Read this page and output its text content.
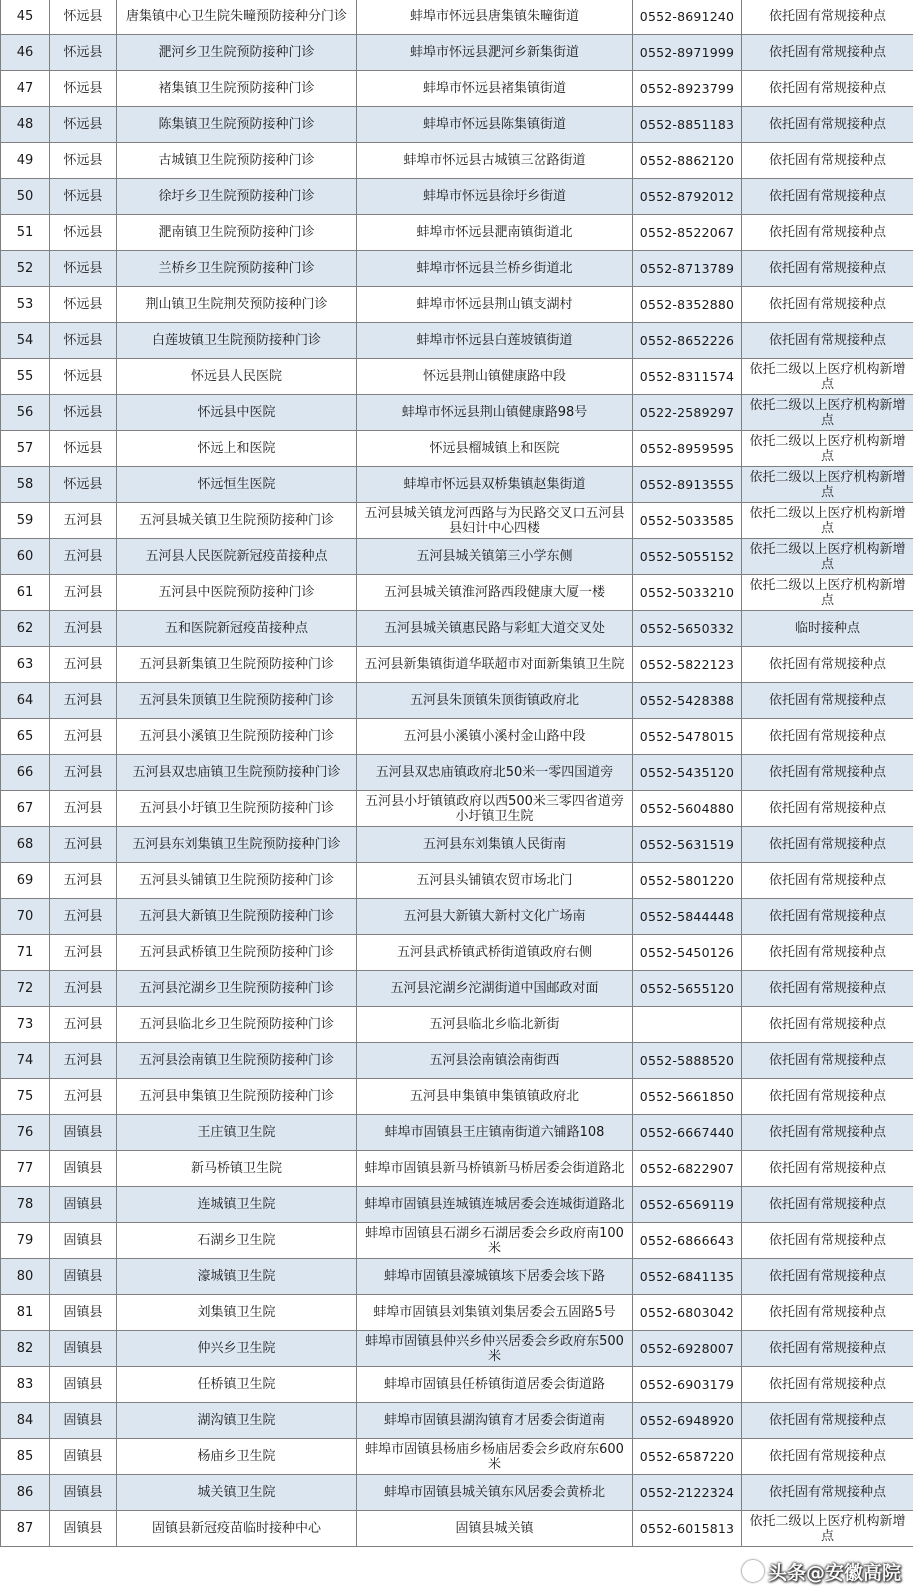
45	怀远县	唐集镇中心卫生院朱疃预防接种分门诊	蚌埠市怀远县唐集镇朱疃街道	0552-8691240	依托固有常规接种点
46	怀远县	淝河乡卫生院预防接种门诊	蚌埠市怀远县淝河乡新集街道	0552-8971999	依托固有常规接种点
47	怀远县	褚集镇卫生院预防接种门诊	蚌埠市怀远县褚集镇街道	0552-8923799	依托固有常规接种点
48	怀远县	陈集镇卫生院预防接种门诊	蚌埠市怀远县陈集镇街道	0552-8851183	依托固有常规接种点
49	怀远县	古城镇卫生院预防接种门诊	蚌埠市怀远县古城镇三岔路街道	0552-8862120	依托固有常规接种点
50	怀远县	徐圩乡卫生院预防接种门诊	蚌埠市怀远县徐圩乡街道	0552-8792012	依托固有常规接种点
51	怀远县	淝南镇卫生院预防接种门诊	蚌埠市怀远县淝南镇街道北	0552-8522067	依托固有常规接种点
52	怀远县	兰桥乡卫生院预防接种门诊	蚌埠市怀远县兰桥乡街道北	0552-8713789	依托固有常规接种点
53	怀远县	荆山镇卫生院荆芡预防接种门诊	蚌埠市怀远县荆山镇支湖村	0552-8352880	依托固有常规接种点
54	怀远县	白莲坡镇卫生院预防接种门诊	蚌埠市怀远县白莲坡镇街道	0552-8652226	依托固有常规接种点
55	怀远县	怀远县人民医院	怀远县荆山镇健康路中段	0552-8311574	依托二级以上医疗机构新增点
56	怀远县	怀远县中医院	蚌埠市怀远县荆山镇健康路98号	0522-2589297	依托二级以上医疗机构新增点
57	怀远县	怀远上和医院	怀远县榴城镇上和医院	0552-8959595	依托二级以上医疗机构新增点
58	怀远县	怀远恒生医院	蚌埠市怀远县双桥集镇赵集街道	0552-8913555	依托二级以上医疗机构新增点
59	五河县	五河县城关镇卫生院预防接种门诊	五河县城关镇龙河西路与为民路交叉口五河县县妇计中心四楼	0552-5033585	依托二级以上医疗机构新增点
60	五河县	五河县人民医院新冠疫苗接种点	五河县城关镇第三小学东侧	0552-5055152	依托二级以上医疗机构新增点
61	五河县	五河县中医院预防接种门诊	五河县城关镇淮河路西段健康大厦一楼	0552-5033210	依托二级以上医疗机构新增点
62	五河县	五和医院新冠疫苗接种点	五河县城关镇惠民路与彩虹大道交叉处	0552-5650332	临时接种点
63	五河县	五河县新集镇卫生院预防接种门诊	五河县新集镇街道华联超市对面新集镇卫生院	0552-5822123	依托固有常规接种点
64	五河县	五河县朱顶镇卫生院预防接种门诊	五河县朱顶镇朱顶街镇政府北	0552-5428388	依托固有常规接种点
65	五河县	五河县小溪镇卫生院预防接种门诊	五河县小溪镇小溪村金山路中段	0552-5478015	依托固有常规接种点
66	五河县	五河县双忠庙镇卫生院预防接种门诊	五河县双忠庙镇政府北50米一零四国道旁	0552-5435120	依托固有常规接种点
67	五河县	五河县小圩镇卫生院预防接种门诊	五河县小圩镇镇政府以西500米三零四省道旁小圩镇卫生院	0552-5604880	依托固有常规接种点
68	五河县	五河县东刘集镇卫生院预防接种门诊	五河县东刘集镇人民街南	0552-5631519	依托固有常规接种点
69	五河县	五河县头铺镇卫生院预防接种门诊	五河县头铺镇农贸市场北门	0552-5801220	依托固有常规接种点
70	五河县	五河县大新镇卫生院预防接种门诊	五河县大新镇大新村文化广场南	0552-5844448	依托固有常规接种点
71	五河县	五河县武桥镇卫生院预防接种门诊	五河县武桥镇武桥街道镇政府右侧	0552-5450126	依托固有常规接种点
72	五河县	五河县沱湖乡卫生院预防接种门诊	五河县沱湖乡沱湖街道中国邮政对面	0552-5655120	依托固有常规接种点
73	五河县	五河县临北乡卫生院预防接种门诊	五河县临北乡临北新街		依托固有常规接种点
74	五河县	五河县浍南镇卫生院预防接种门诊	五河县浍南镇浍南街西	0552-5888520	依托固有常规接种点
75	五河县	五河县申集镇卫生院预防接种门诊	五河县申集镇申集镇镇政府北	0552-5661850	依托固有常规接种点
76	固镇县	王庄镇卫生院	蚌埠市固镇县王庄镇南街道六铺路108	0552-6667440	依托固有常规接种点
77	固镇县	新马桥镇卫生院	蚌埠市固镇县新马桥镇新马桥居委会街道路北	0552-6822907	依托固有常规接种点
78	固镇县	连城镇卫生院	蚌埠市固镇县连城镇连城居委会连城街道路北	0552-6569119	依托固有常规接种点
79	固镇县	石湖乡卫生院	蚌埠市固镇县石湖乡石湖居委会乡政府南100米	0552-6866643	依托固有常规接种点
80	固镇县	濠城镇卫生院	蚌埠市固镇县濠城镇垓下居委会垓下路	0552-6841135	依托固有常规接种点
81	固镇县	刘集镇卫生院	蚌埠市固镇县刘集镇刘集居委会五固路5号	0552-6803042	依托固有常规接种点
82	固镇县	仲兴乡卫生院	蚌埠市固镇县仲兴乡仲兴居委会乡政府东500米	0552-6928007	依托固有常规接种点
83	固镇县	任桥镇卫生院	蚌埠市固镇县任桥镇街道居委会街道路	0552-6903179	依托固有常规接种点
84	固镇县	湖沟镇卫生院	蚌埠市固镇县湖沟镇育才居委会街道南	0552-6948920	依托固有常规接种点
85	固镇县	杨庙乡卫生院	蚌埠市固镇县杨庙乡杨庙居委会乡政府东600米	0552-6587220	依托固有常规接种点
86	固镇县	城关镇卫生院	蚌埠市固镇县城关镇东风居委会黄桥北	0552-2122324	依托固有常规接种点
87	固镇县	固镇县新冠疫苗临时接种中心	固镇县城关镇	0552-6015813	依托二级以上医疗机构新增点
头条@安徽高院
